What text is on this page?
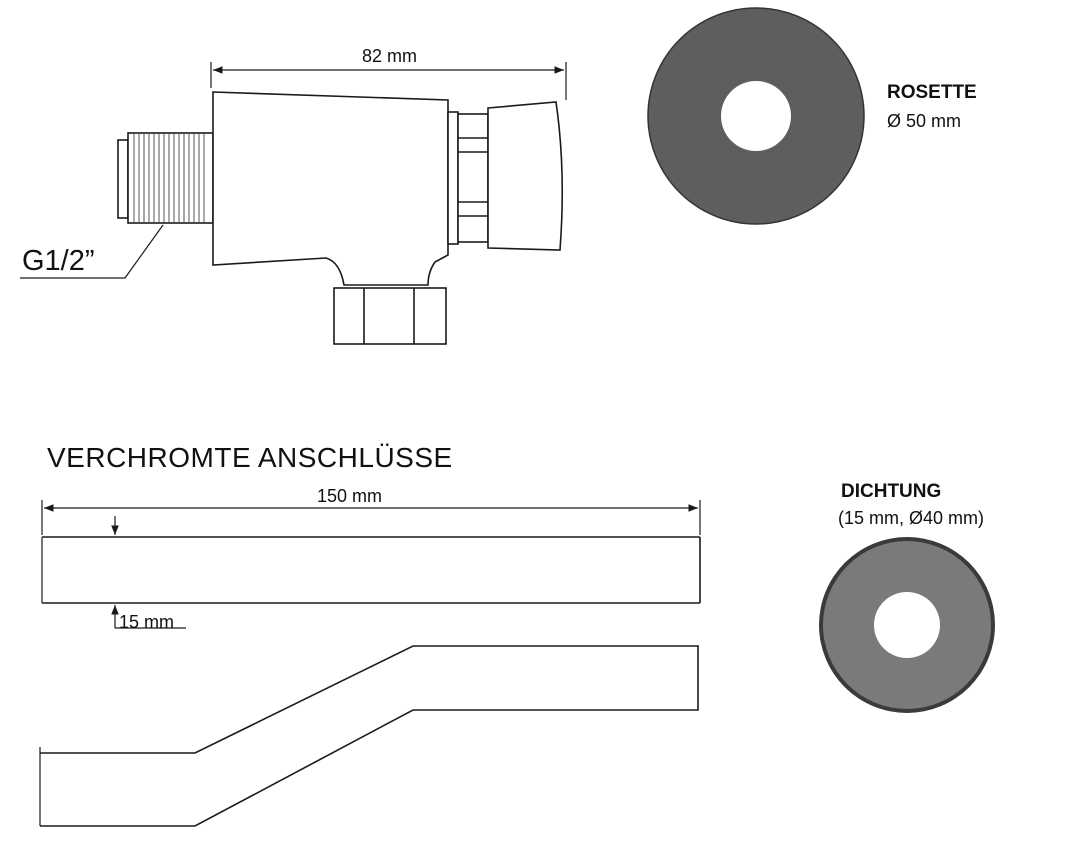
82 mm
G1/2”
ROSETTE
Ø 50 mm
VERCHROMTE ANSCHLÜSSE
150 mm
15 mm
DICHTUNG
(15 mm, Ø40 mm)
